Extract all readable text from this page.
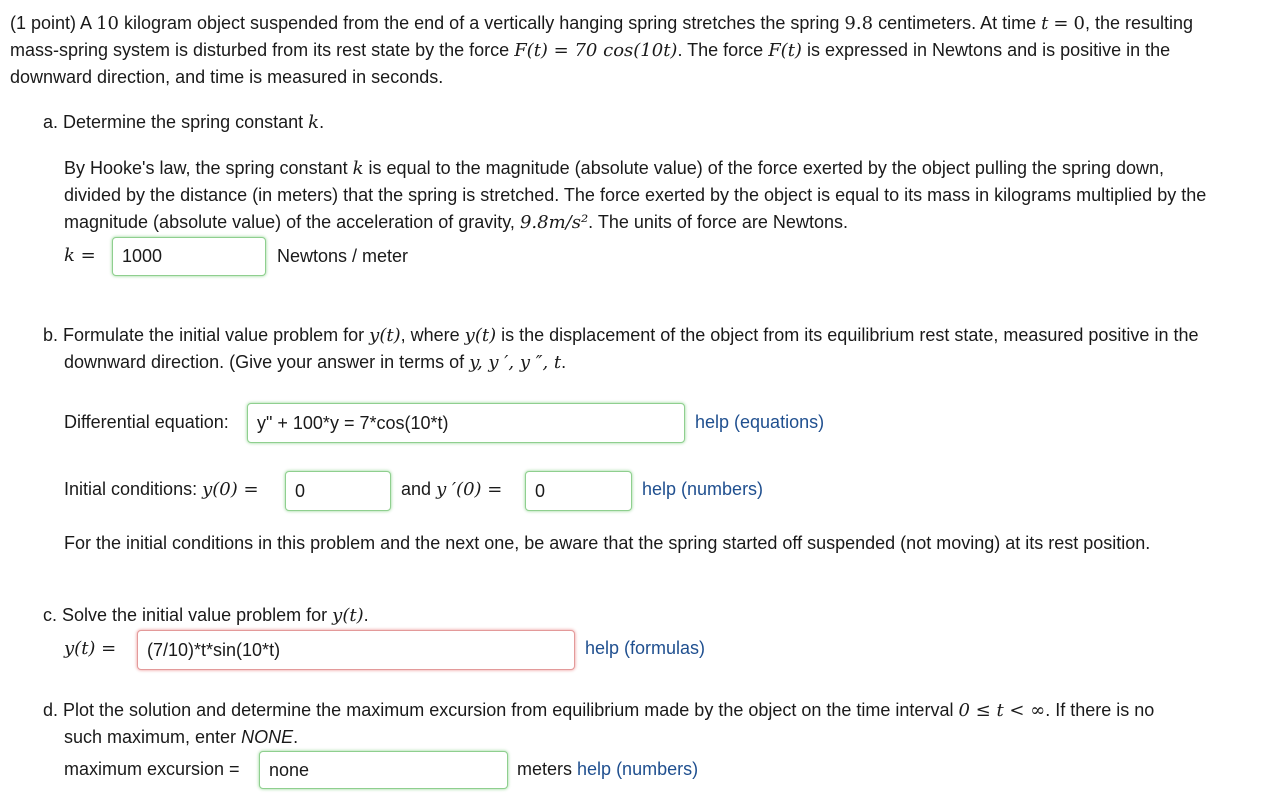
(1 point) A 10 kilogram object suspended from the end of a vertically hanging spring stretches the spring 9.8 centimeters. At time t = 0, the resulting
mass-spring system is disturbed from its rest state by the force F(t) = 70 cos(10t). The force F(t) is expressed in Newtons and is positive in the
downward direction, and time is measured in seconds.
a. Determine the spring constant k.
By Hooke's law, the spring constant k is equal to the magnitude (absolute value) of the force exerted by the object pulling the spring down,
divided by the distance (in meters) that the spring is stretched. The force exerted by the object is equal to its mass in kilograms multiplied by the
magnitude (absolute value) of the acceleration of gravity, 9.8m/s². The units of force are Newtons.
k =
1000	Newtons / meter
b. Formulate the initial value problem for y(t), where y(t) is the displacement of the object from its equilibrium rest state, measured positive in the
downward direction. (Give your answer in terms of y, y ′, y ″, t.
Differential equation:
y" + 100*y = 7*cos(10*t)	help (equations)
Initial conditions: y(0) =
0	and y ′(0) =
0	help (numbers)
For the initial conditions in this problem and the next one, be aware that the spring started off suspended (not moving) at its rest position.
c. Solve the initial value problem for y(t).
y(t) =
(7/10)*t*sin(10*t)	help (formulas)
d. Plot the solution and determine the maximum excursion from equilibrium made by the object on the time interval 0 ≤ t < ∞. If there is no
such maximum, enter NONE.
maximum excursion =
none	meters help (numbers)
